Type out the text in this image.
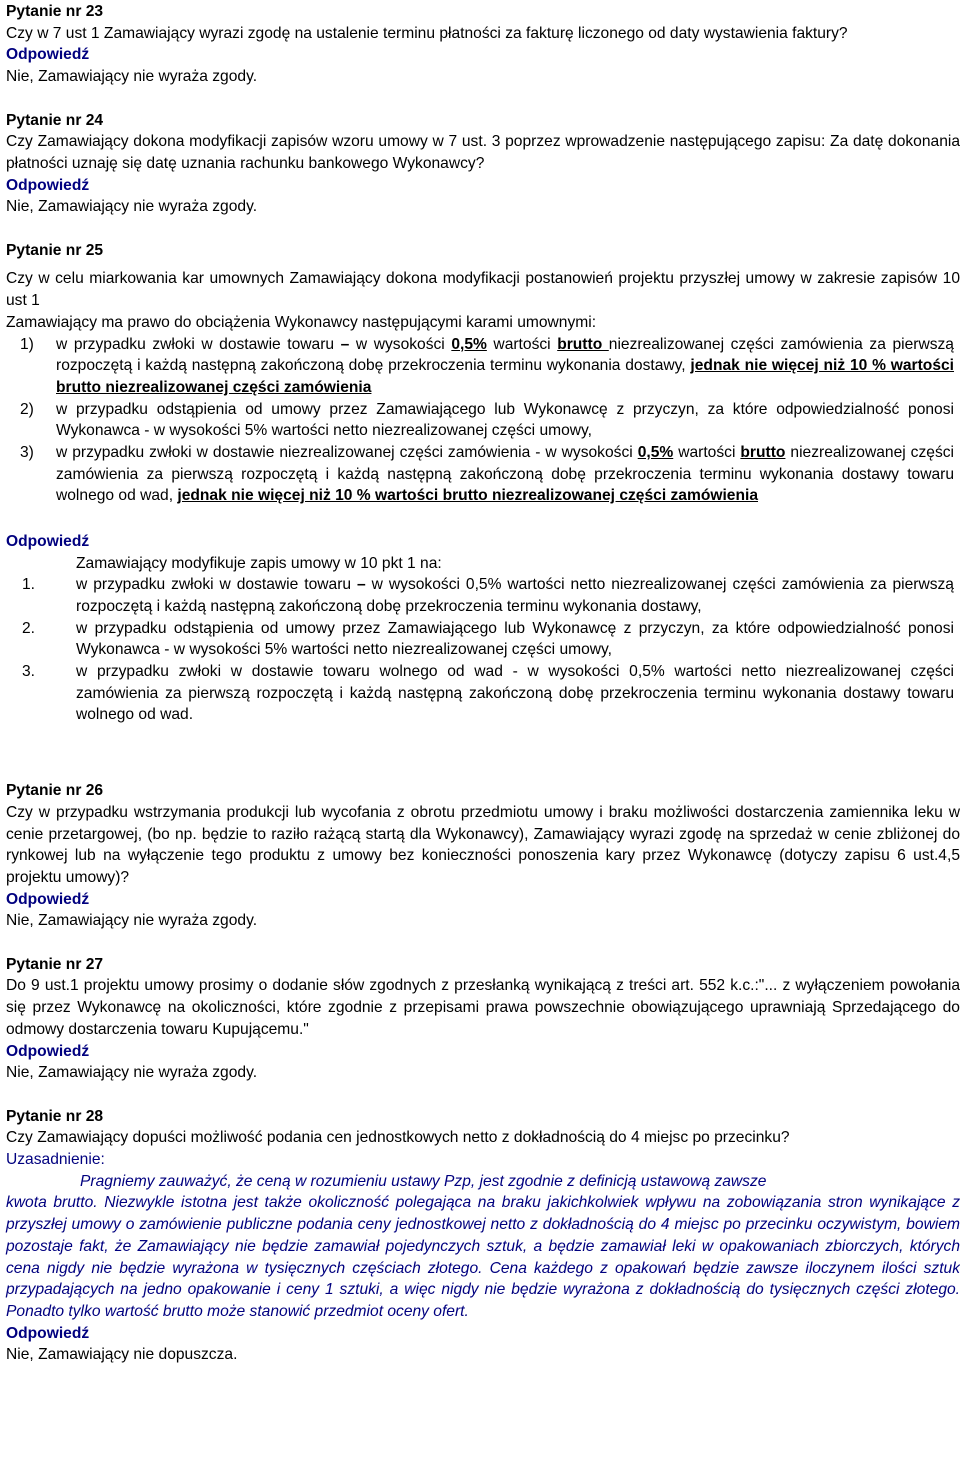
Pytanie nr 23

Czy w 7 ust 1 Zamawiający wyrazi zgodę na ustalenie terminu płatności za fakturę liczonego od daty wystawienia faktury?

Odpowiedź

Nie, Zamawiający nie wyraża zgody.

Pytanie nr 24

Czy Zamawiający dokona modyfikacji zapisów wzoru umowy w 7 ust. 3 poprzez wprowadzenie następującego zapisu: Za datę dokonania płatności uznaję się datę uznania rachunku bankowego Wykonawcy?

Odpowiedź

Nie, Zamawiający nie wyraża zgody.

Pytanie nr 25

Czy w celu miarkowania kar umownych Zamawiający dokona modyfikacji postanowień projektu przyszłej umowy w zakresie zapisów 10 ust 1

Zamawiający ma prawo do obciążenia Wykonawcy następującymi karami umownymi:

1)	w przypadku zwłoki w dostawie towaru – w wysokości 0,5% wartości brutto niezrealizowanej części zamówienia za pierwszą rozpoczętą i każdą następną zakończoną dobę przekroczenia terminu wykonania dostawy, jednak nie więcej niż 10 % wartości brutto niezrealizowanej części zamówienia
2)	w przypadku odstąpienia od umowy przez Zamawiającego lub Wykonawcę z przyczyn, za które odpowiedzialność ponosi Wykonawca - w wysokości 5% wartości netto niezrealizowanej części umowy,
3)	w przypadku zwłoki w dostawie niezrealizowanej części zamówienia - w wysokości 0,5% wartości brutto niezrealizowanej części zamówienia za pierwszą rozpoczętą i każdą następną zakończoną dobę przekroczenia terminu wykonania dostawy towaru wolnego od wad, jednak nie więcej niż 10 % wartości brutto niezrealizowanej części zamówienia

Odpowiedź

Zamawiający modyfikuje zapis umowy w 10 pkt 1 na:

1.	w przypadku zwłoki w dostawie towaru – w wysokości 0,5% wartości netto niezrealizowanej części zamówienia za pierwszą rozpoczętą i każdą następną zakończoną dobę przekroczenia terminu wykonania dostawy,
2.	w przypadku odstąpienia od umowy przez Zamawiającego lub Wykonawcę z przyczyn, za które odpowiedzialność ponosi Wykonawca - w wysokości 5% wartości netto niezrealizowanej części umowy,
3.	w przypadku zwłoki w dostawie towaru wolnego od wad - w wysokości 0,5% wartości netto niezrealizowanej części zamówienia za pierwszą rozpoczętą i każdą następną zakończoną dobę przekroczenia terminu wykonania dostawy towaru wolnego od wad.

Pytanie nr 26

Czy w przypadku wstrzymania produkcji lub wycofania z obrotu przedmiotu umowy i braku możliwości dostarczenia zamiennika leku w cenie przetargowej, (bo np. będzie to raziło rażącą startą dla Wykonawcy), Zamawiający wyrazi zgodę na sprzedaż w cenie zbliżonej do rynkowej lub na wyłączenie tego produktu z umowy bez konieczności ponoszenia kary przez Wykonawcę (dotyczy zapisu 6 ust.4,5 projektu umowy)?

Odpowiedź

Nie, Zamawiający nie wyraża zgody.

Pytanie nr 27

Do 9 ust.1 projektu umowy prosimy o dodanie słów zgodnych z przesłanką wynikającą z treści art. 552 k.c.:"... z wyłączeniem powołania się przez Wykonawcę na okoliczności, które zgodnie z przepisami prawa powszechnie obowiązującego uprawniają Sprzedającego do odmowy dostarczenia towaru Kupującemu."

Odpowiedź

Nie, Zamawiający nie wyraża zgody.

Pytanie nr 28

Czy Zamawiający dopuści możliwość podania cen jednostkowych netto z dokładnością do 4 miejsc po przecinku?

Uzasadnienie:

Pragniemy zauważyć, że ceną w rozumieniu ustawy Pzp, jest zgodnie z definicją ustawową zawsze

kwota brutto. Niezwykle istotna jest także okoliczność polegająca na braku jakichkolwiek wpływu na zobowiązania stron wynikające z przyszłej umowy o zamówienie publiczne podania ceny jednostkowej netto z dokładnością do 4 miejsc po przecinku oczywistym, bowiem pozostaje fakt, że Zamawiający nie będzie zamawiał pojedynczych sztuk, a będzie zamawiał leki w opakowaniach zbiorczych, których cena nigdy nie będzie wyrażona w tysięcznych częściach złotego. Cena każdego z opakowań będzie zawsze iloczynem ilości sztuk przypadających na jedno opakowanie i ceny 1 sztuki, a więc nigdy nie będzie wyrażona z dokładnością do tysięcznych części złotego. Ponadto tylko wartość brutto może stanowić przedmiot oceny ofert.

Odpowiedź

Nie, Zamawiający nie dopuszcza.
